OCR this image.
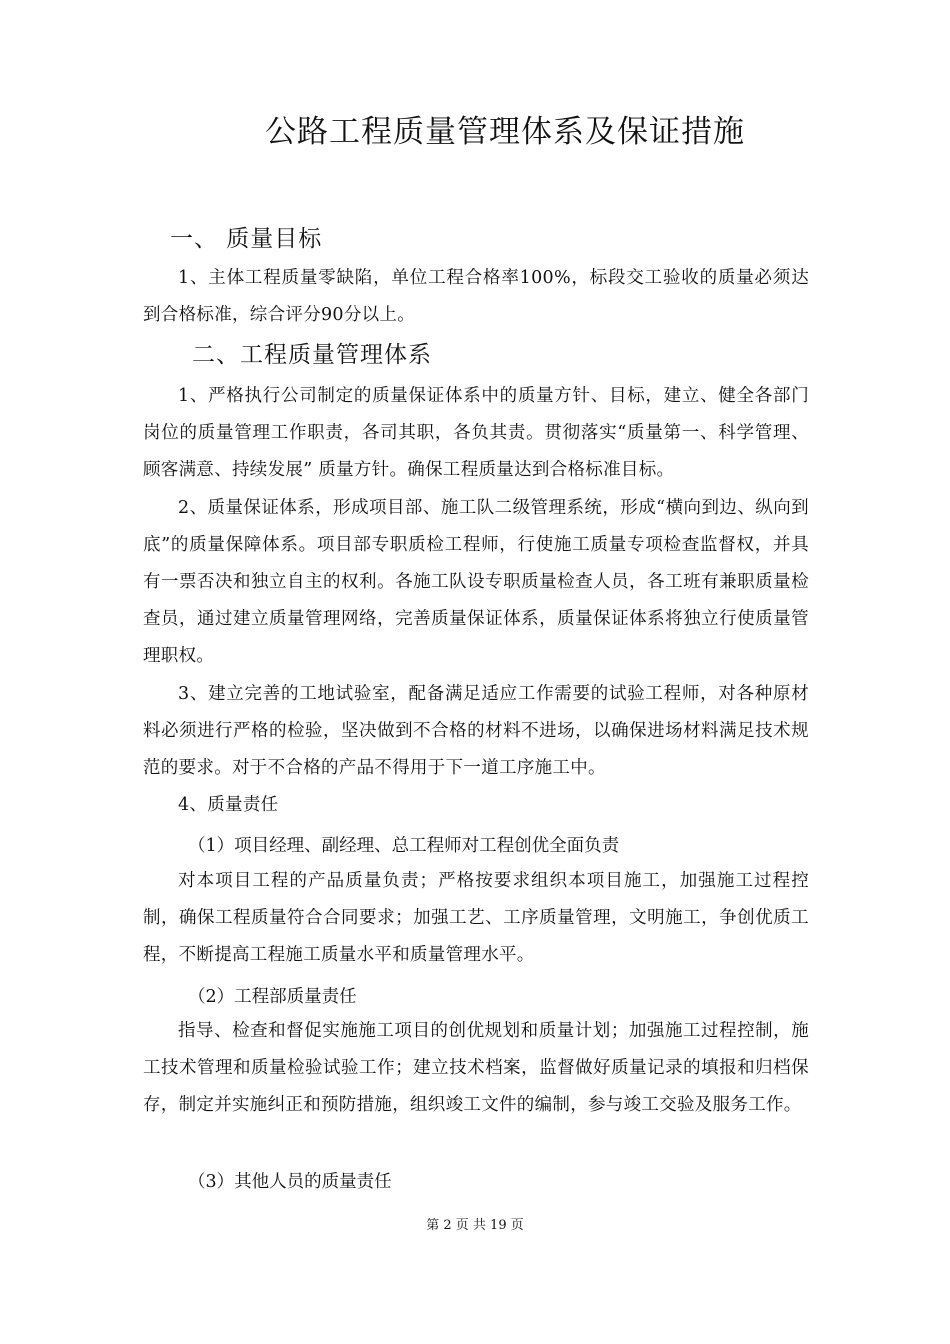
公路工程质量管理体系及保证措施
一、 质量目标
1、主体工程质量零缺陷，单位工程合格率100%，标段交工验收的质量必须达到合格标准，综合评分90分以上。
二、工程质量管理体系
1、严格执行公司制定的质量保证体系中的质量方针、目标，建立、健全各部门岗位的质量管理工作职责，各司其职，各负其责。贯彻落实“质量第一、科学管理、顾客满意、持续发展” 质量方针。确保工程质量达到合格标准目标。
2、质量保证体系，形成项目部、施工队二级管理系统，形成“横向到边、纵向到底”的质量保障体系。项目部专职质检工程师，行使施工质量专项检查监督权，并具有一票否决和独立自主的权利。各施工队设专职质量检查人员，各工班有兼职质量检查员，通过建立质量管理网络，完善质量保证体系，质量保证体系将独立行使质量管理职权。
3、建立完善的工地试验室，配备满足适应工作需要的试验工程师，对各种原材料必须进行严格的检验，坚决做到不合格的材料不进场，以确保进场材料满足技术规范的要求。对于不合格的产品不得用于下一道工序施工中。
4、质量责任
（1）项目经理、副经理、总工程师对工程创优全面负责
对本项目工程的产品质量负责；严格按要求组织本项目施工，加强施工过程控制，确保工程质量符合合同要求；加强工艺、工序质量管理，文明施工，争创优质工程，不断提高工程施工质量水平和质量管理水平。
（2）工程部质量责任
指导、检查和督促实施施工项目的创优规划和质量计划；加强施工过程控制，施工技术管理和质量检验试验工作；建立技术档案，监督做好质量记录的填报和归档保存，制定并实施纠正和预防措施，组织竣工文件的编制，参与竣工交验及服务工作。
（3）其他人员的质量责任
第 2 页 共 19 页
